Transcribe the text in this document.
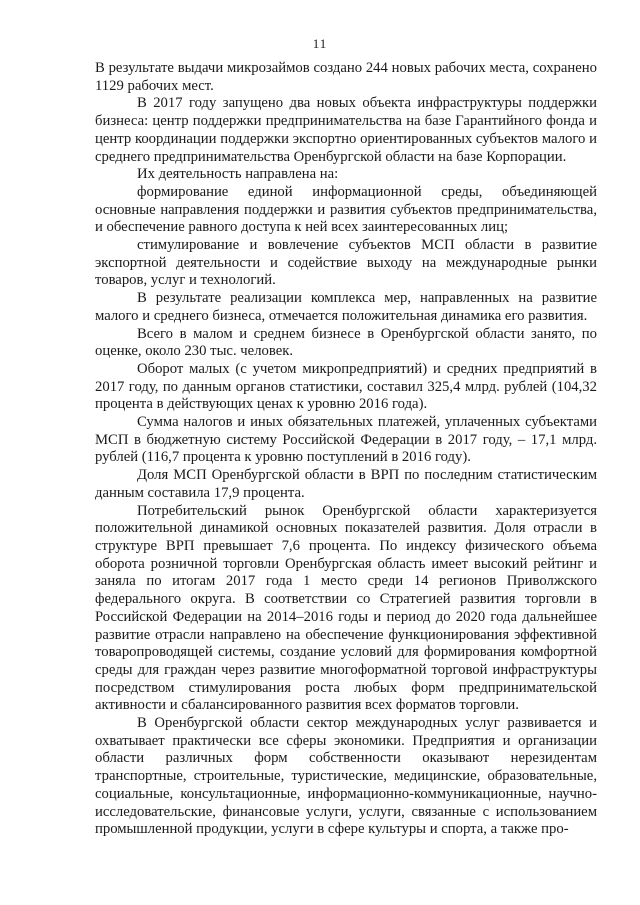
11

В результате выдачи микрозаймов создано 244 новых рабочих места, сохранено 1129 рабочих мест.

В 2017 году запущено два новых объекта инфраструктуры поддержки бизнеса: центр поддержки предпринимательства на базе Гарантийного фонда и центр координации поддержки экспортно ориентированных субъектов малого и среднего предпринимательства Оренбургской области на базе Корпорации.

Их деятельность направлена на:

формирование единой информационной среды, объединяющей основные направления поддержки и развития субъектов предпринимательства, и обеспечение равного доступа к ней всех заинтересованных лиц;

стимулирование и вовлечение субъектов МСП области в развитие экспортной деятельности и содействие выходу на международные рынки товаров, услуг и технологий.

В результате реализации комплекса мер, направленных на развитие малого и среднего бизнеса, отмечается положительная динамика его развития.

Всего в малом и среднем бизнесе в Оренбургской области занято, по оценке, около 230 тыс. человек.

Оборот малых (с учетом микропредприятий) и средних предприятий в 2017 году, по данным органов статистики, составил 325,4 млрд. рублей (104,32 процента в действующих ценах к уровню 2016 года).

Сумма налогов и иных обязательных платежей, уплаченных субъектами МСП в бюджетную систему Российской Федерации в 2017 году, – 17,1 млрд. рублей (116,7 процента к уровню поступлений в 2016 году).

Доля МСП Оренбургской области в ВРП по последним статистическим данным составила 17,9 процента.

Потребительский рынок Оренбургской области характеризуется положительной динамикой основных показателей развития. Доля отрасли в структуре ВРП превышает 7,6 процента. По индексу физического объема оборота розничной торговли Оренбургская область имеет высокий рейтинг и заняла по итогам 2017 года 1 место среди 14 регионов Приволжского федерального округа. В соответствии со Стратегией развития торговли в Российской Федерации на 2014–2016 годы и период до 2020 года дальнейшее развитие отрасли направлено на обеспечение функционирования эффективной товаропроводящей системы, создание условий для формирования комфортной среды для граждан через развитие многоформатной торговой инфраструктуры посредством стимулирования роста любых форм предпринимательской активности и сбалансированного развития всех форматов торговли.

В Оренбургской области сектор международных услуг развивается и охватывает практически все сферы экономики. Предприятия и организации области различных форм собственности оказывают нерезидентам транспортные, строительные, туристические, медицинские, образовательные, социальные, консультационные, информационно-коммуникационные, научно-исследовательские, финансовые услуги, услуги, связанные с использованием промышленной продукции, услуги в сфере культуры и спорта, а также про-
